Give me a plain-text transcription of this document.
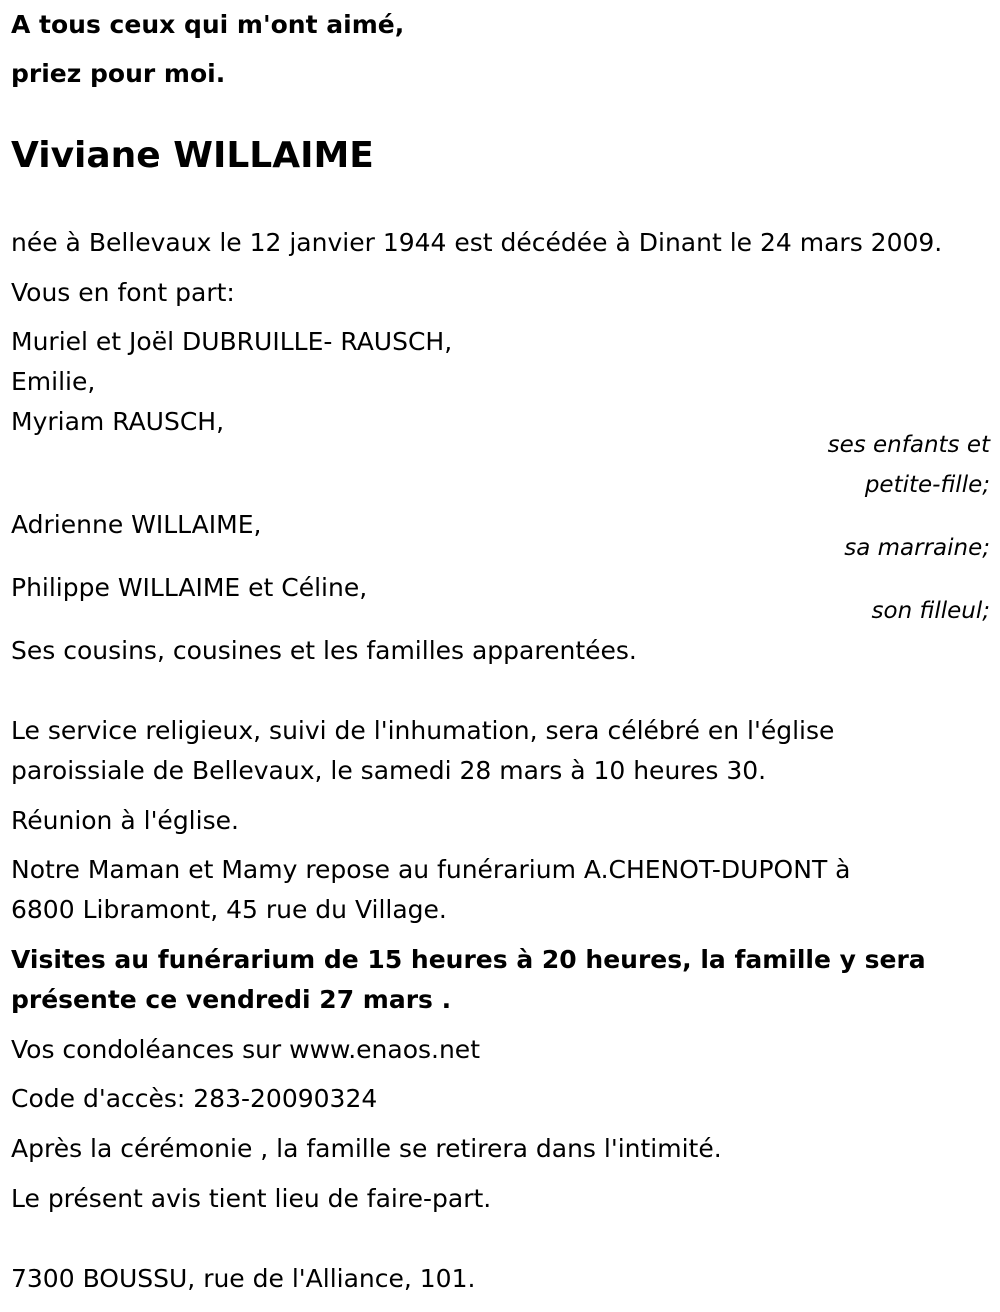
A tous ceux qui m'ont aimé,
priez pour moi.
Viviane WILLAIME
née à Bellevaux le 12 janvier 1944 est décédée à Dinant le 24 mars 2009.
Vous en font part:
Muriel et Joël DUBRUILLE- RAUSCH,
Emilie,
Myriam RAUSCH,
ses enfants et
petite-fille;
Adrienne WILLAIME,
sa marraine;
Philippe WILLAIME et Céline,
son filleul;
Ses cousins, cousines et les familles apparentées.
Le service religieux, suivi de l'inhumation, sera célébré en l'église
paroissiale de Bellevaux, le samedi 28 mars à 10 heures 30.
Réunion à l'église.
Notre Maman et Mamy repose au funérarium A.CHENOT-DUPONT à
6800 Libramont, 45 rue du Village.
Visites au funérarium de 15 heures à 20 heures, la famille y sera
présente ce vendredi 27 mars .
Vos condoléances sur www.enaos.net
Code d'accès: 283-20090324
Après la cérémonie , la famille se retirera dans l'intimité.
Le présent avis tient lieu de faire-part.
7300 BOUSSU, rue de l'Alliance, 101.
